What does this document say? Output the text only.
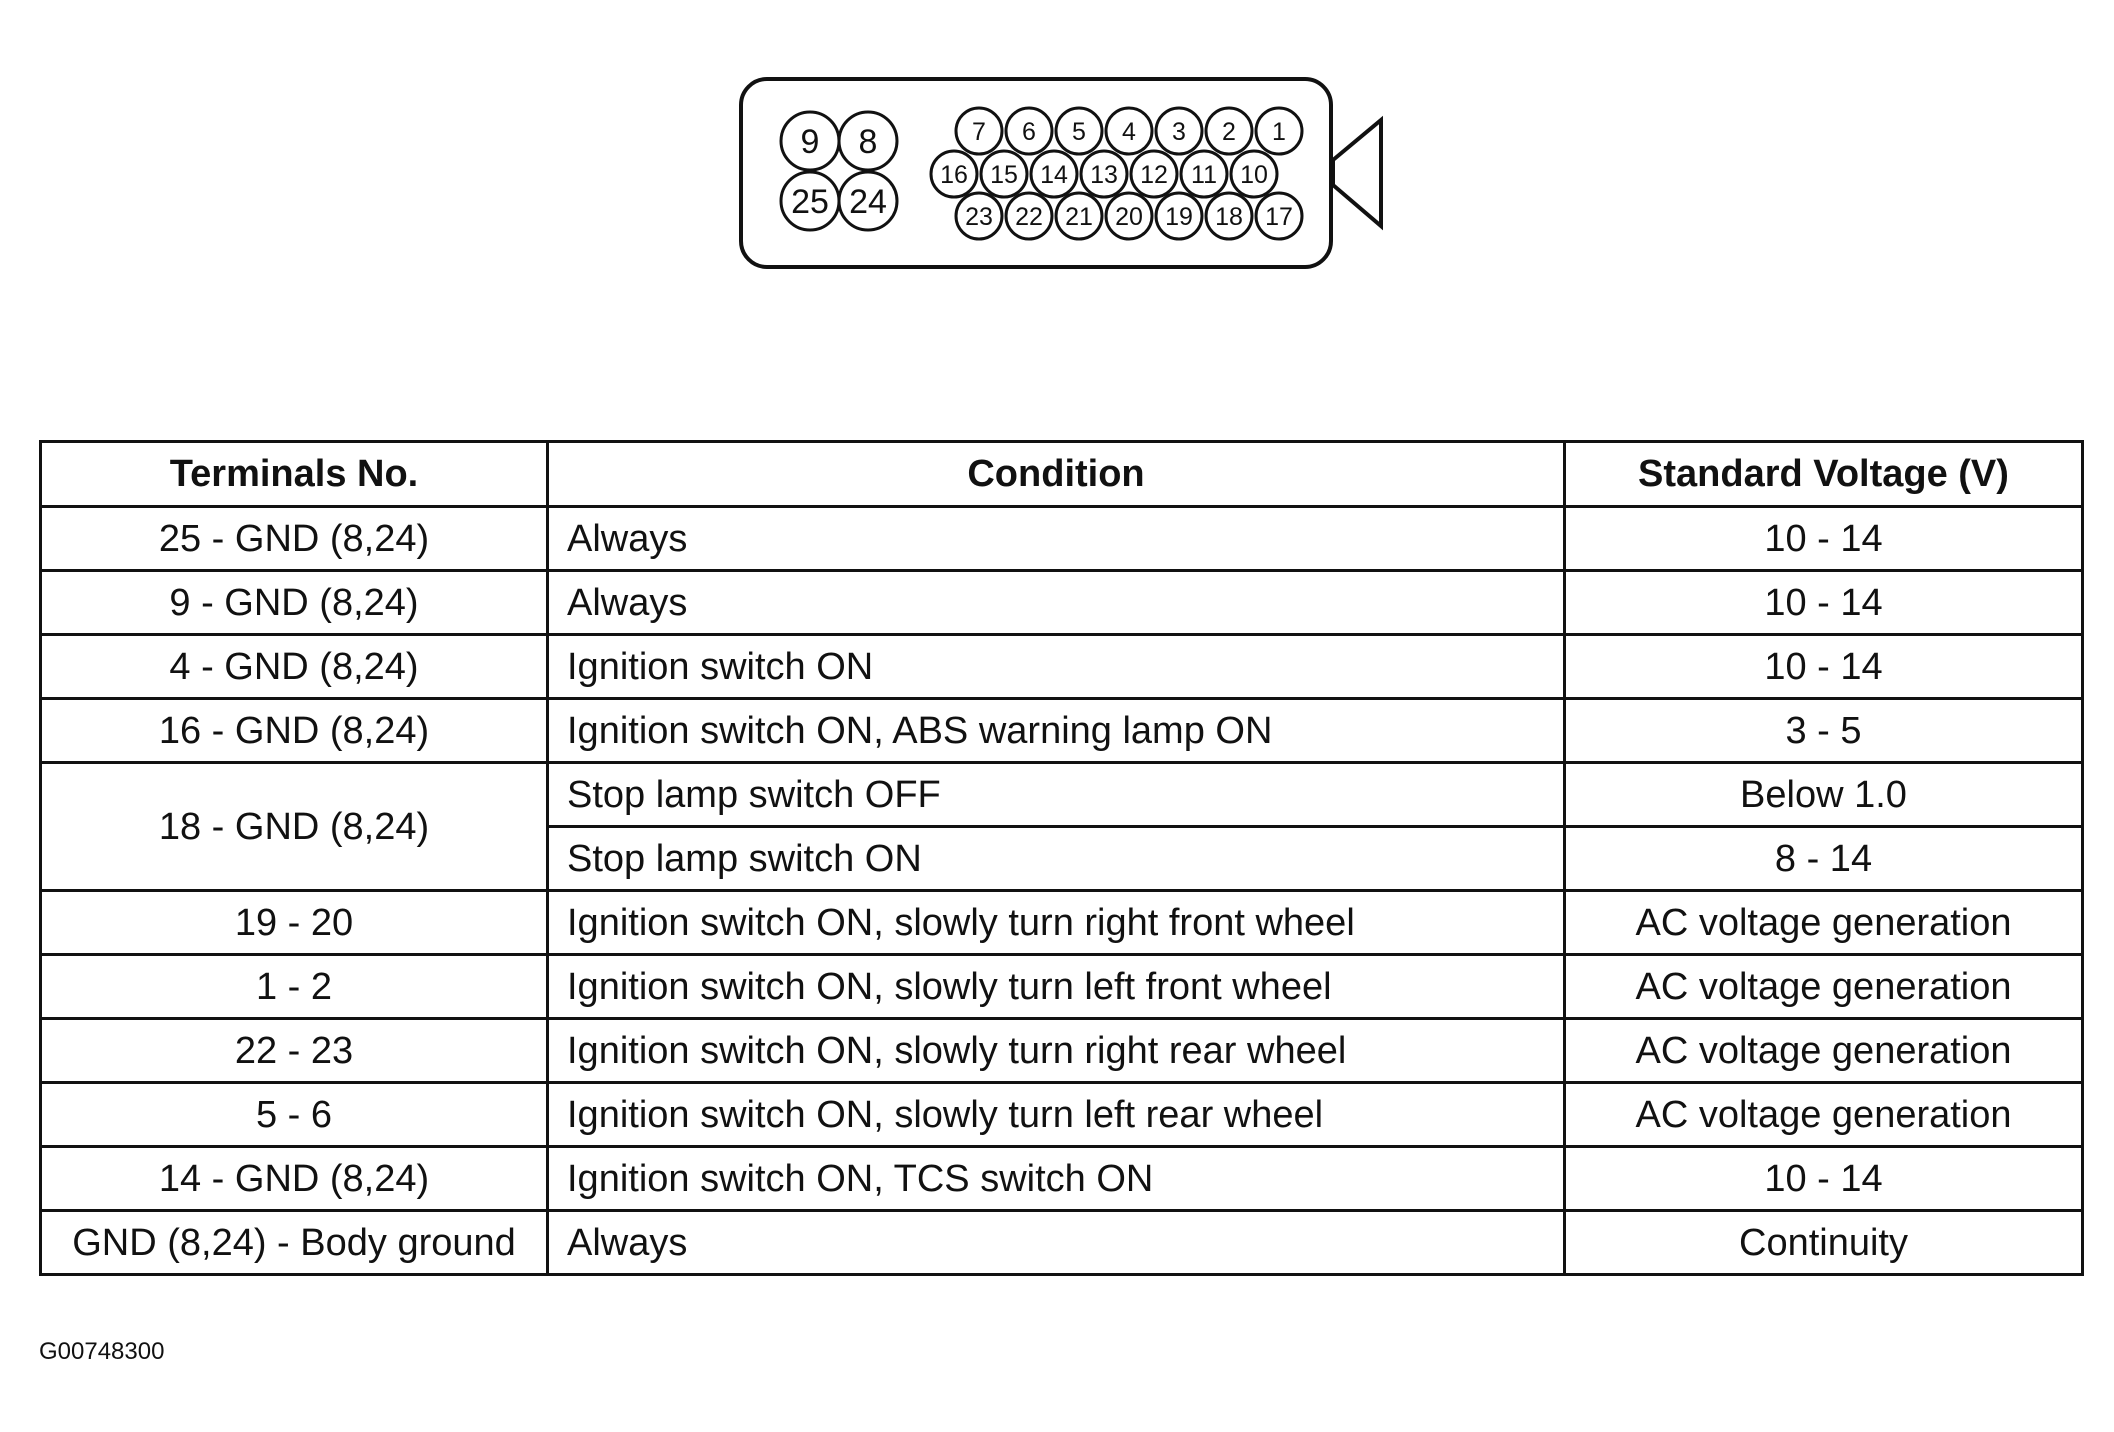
9 8
25 24
7 6 5 4 3 2 1
16 15 14 13 12 11 10
23 22 21 20 19 18 17
Terminals No.	Condition	Standard Voltage (V)
25 - GND (8,24)	Always	10 - 14
9 - GND (8,24)	Always	10 - 14
4 - GND (8,24)	Ignition switch ON	10 - 14
16 - GND (8,24)	Ignition switch ON, ABS warning lamp ON	3 - 5
18 - GND (8,24)	Stop lamp switch OFF	Below 1.0
	Stop lamp switch ON	8 - 14
19 - 20	Ignition switch ON, slowly turn right front wheel	AC voltage generation
1 - 2	Ignition switch ON, slowly turn left front wheel	AC voltage generation
22 - 23	Ignition switch ON, slowly turn right rear wheel	AC voltage generation
5 - 6	Ignition switch ON, slowly turn left rear wheel	AC voltage generation
14 - GND (8,24)	Ignition switch ON, TCS switch ON	10 - 14
GND (8,24) - Body ground	Always	Continuity
G00748300
